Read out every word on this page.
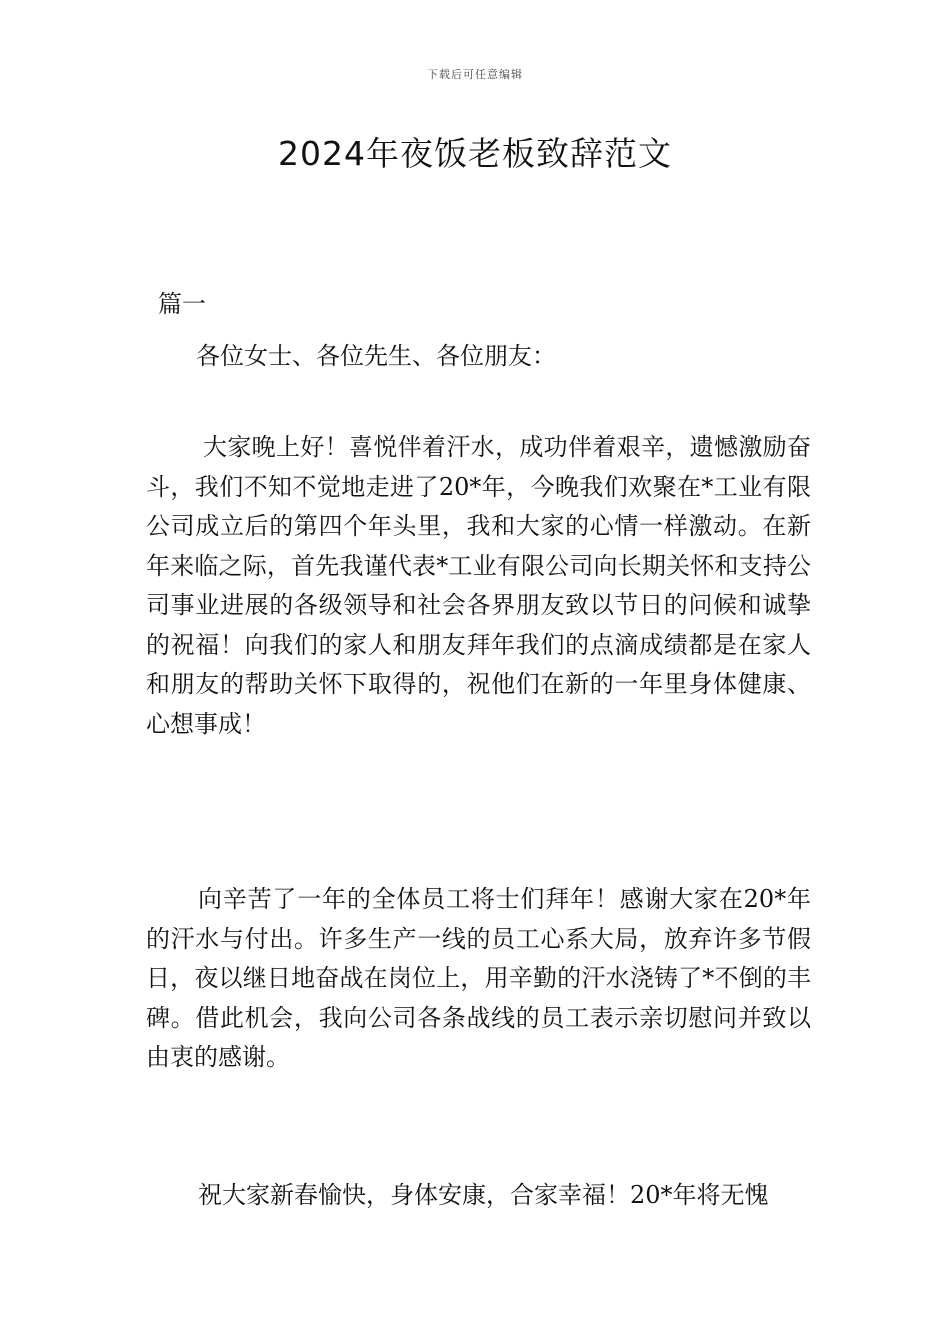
下载后可任意编辑
2024年夜饭老板致辞范文
篇一
各位女士、各位先生、各位朋友：

大家晚上好！喜悦伴着汗水，成功伴着艰辛，遗憾激励奋斗，我们不知不觉地走进了20*年，今晚我们欢聚在*工业有限公司成立后的第四个年头里，我和大家的心情一样激动。在新年来临之际，首先我谨代表*工业有限公司向长期关怀和支持公司事业进展的各级领导和社会各界朋友致以节日的问候和诚挚的祝福！向我们的家人和朋友拜年我们的点滴成绩都是在家人和朋友的帮助关怀下取得的，祝他们在新的一年里身体健康、心想事成！

向辛苦了一年的全体员工将士们拜年！感谢大家在20*年的汗水与付出。许多生产一线的员工心系大局，放弃许多节假日，夜以继日地奋战在岗位上，用辛勤的汗水浇铸了*不倒的丰碑。借此机会，我向公司各条战线的员工表示亲切慰问并致以由衷的感谢。

祝大家新春愉快，身体安康，合家幸福！20*年将无愧
